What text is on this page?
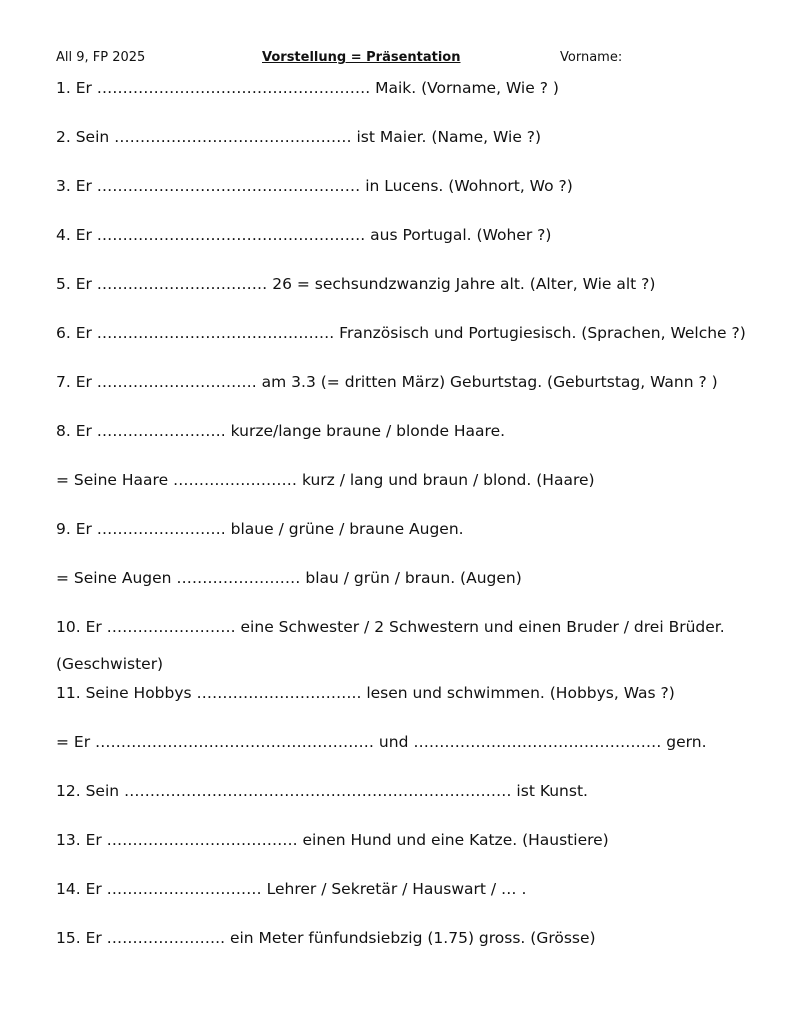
All 9, FP 2025	Vorstellung = Präsentation	Vorname:
1. Er ……………………………….……………. Maik. (Vorname, Wie ? )
2. Sein ……………………………….……… ist Maier. (Name, Wie ?)
3. Er …………………………………………… in Lucens. (Wohnort, Wo ?)
4. Er ……………………………………………. aus Portugal. (Woher ?)
5. Er …………………………… 26 = sechsundzwanzig Jahre alt. (Alter, Wie alt ?)
6. Er ………………………………………. Französisch und Portugiesisch. (Sprachen, Welche ?)
7. Er …………………………. am 3.3 (= dritten März) Geburtstag. (Geburtstag, Wann ? )
8. Er ……………………. kurze/lange braune / blonde Haare.
= Seine Haare …………………… kurz / lang und braun / blond. (Haare)
9. Er ……………………. blaue / grüne / braune Augen.
= Seine Augen …………………… blau / grün / braun. (Augen)
10. Er ……………………. eine Schwester / 2 Schwestern und einen Bruder / drei Brüder. (Geschwister)
11. Seine Hobbys ………………………….. lesen und schwimmen. (Hobbys, Was ?)
= Er ……………………………………………… und ………………………………………… gern.
12. Sein ………………………………………………………………… ist Kunst.
13. Er ………………………………. einen Hund und eine Katze. (Haustiere)
14. Er ………………………… Lehrer / Sekretär / Hauswart / … .
15. Er ………………….. ein Meter fünfundsiebzig (1.75) gross. (Grösse)
